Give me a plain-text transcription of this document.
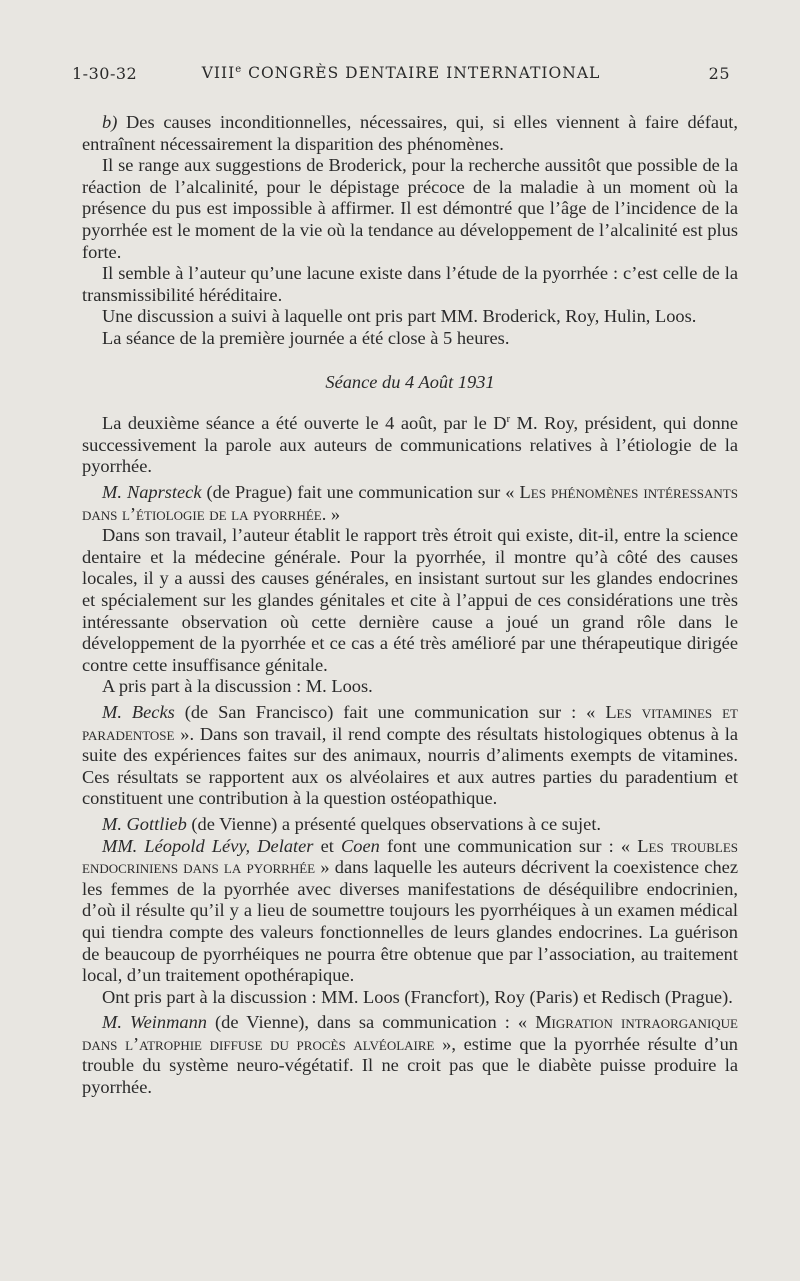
1-30-32	VIIIe CONGRÈS DENTAIRE INTERNATIONAL	25

b) Des causes inconditionnelles, nécessaires, qui, si elles viennent à faire défaut, entraînent nécessairement la disparition des phénomènes.

Il se range aux suggestions de Broderick, pour la recherche aussitôt que possible de la réaction de l’alcalinité, pour le dépistage précoce de la maladie à un moment où la présence du pus est impossible à affirmer. Il est démontré que l’âge de l’incidence de la pyorrhée est le moment de la vie où la tendance au développement de l’alcalinité est plus forte.

Il semble à l’auteur qu’une lacune existe dans l’étude de la pyorrhée : c’est celle de la transmissibilité héréditaire.

Une discussion a suivi à laquelle ont pris part MM. Broderick, Roy, Hulin, Loos.

La séance de la première journée a été close à 5 heures.

Séance du 4 Août 1931

La deuxième séance a été ouverte le 4 août, par le $D^r$ M. Roy, président, qui donne successivement la parole aux auteurs de communications relatives à l’étiologie de la pyorrhée.

M. Naprsteck (de Prague) fait une communication sur « Les phénomènes intéressants dans l’étiologie de la pyorrhée. »

Dans son travail, l’auteur établit le rapport très étroit qui existe, dit-il, entre la science dentaire et la médecine générale. Pour la pyorrhée, il montre qu’à côté des causes locales, il y a aussi des causes générales, en insistant surtout sur les glandes endocrines et spécialement sur les glandes génitales et cite à l’appui de ces considérations une très intéressante observation où cette dernière cause a joué un grand rôle dans le développement de la pyorrhée et ce cas a été très amélioré par une thérapeutique dirigée contre cette insuffisance génitale.

A pris part à la discussion : M. Loos.

M. Becks (de San Francisco) fait une communication sur : « Les vitamines et paradentose ». Dans son travail, il rend compte des résultats histologiques obtenus à la suite des expériences faites sur des animaux, nourris d’aliments exempts de vitamines. Ces résultats se rapportent aux os alvéolaires et aux autres parties du paradentium et constituent une contribution à la question ostéopathique.

M. Gottlieb (de Vienne) a présenté quelques observations à ce sujet.

MM. Léopold Lévy, Delater et Coen font une communication sur : « Les troubles endocriniens dans la pyorrhée » dans laquelle les auteurs décrivent la coexistence chez les femmes de la pyorrhée avec diverses manifestations de déséquilibre endocrinien, d’où il résulte qu’il y a lieu de soumettre toujours les pyorrhéiques à un examen médical qui tiendra compte des valeurs fonctionnelles de leurs glandes endocrines. La guérison de beaucoup de pyorrhéiques ne pourra être obtenue que par l’association, au traitement local, d’un traitement opothérapique.

Ont pris part à la discussion : MM. Loos (Francfort), Roy (Paris) et Redisch (Prague).

M. Weinmann (de Vienne), dans sa communication : « Migration intraorganique dans l’atrophie diffuse du procès alvéolaire », estime que la pyorrhée résulte d’un trouble du système neuro-végétatif. Il ne croit pas que le diabète puisse produire la pyorrhée.
